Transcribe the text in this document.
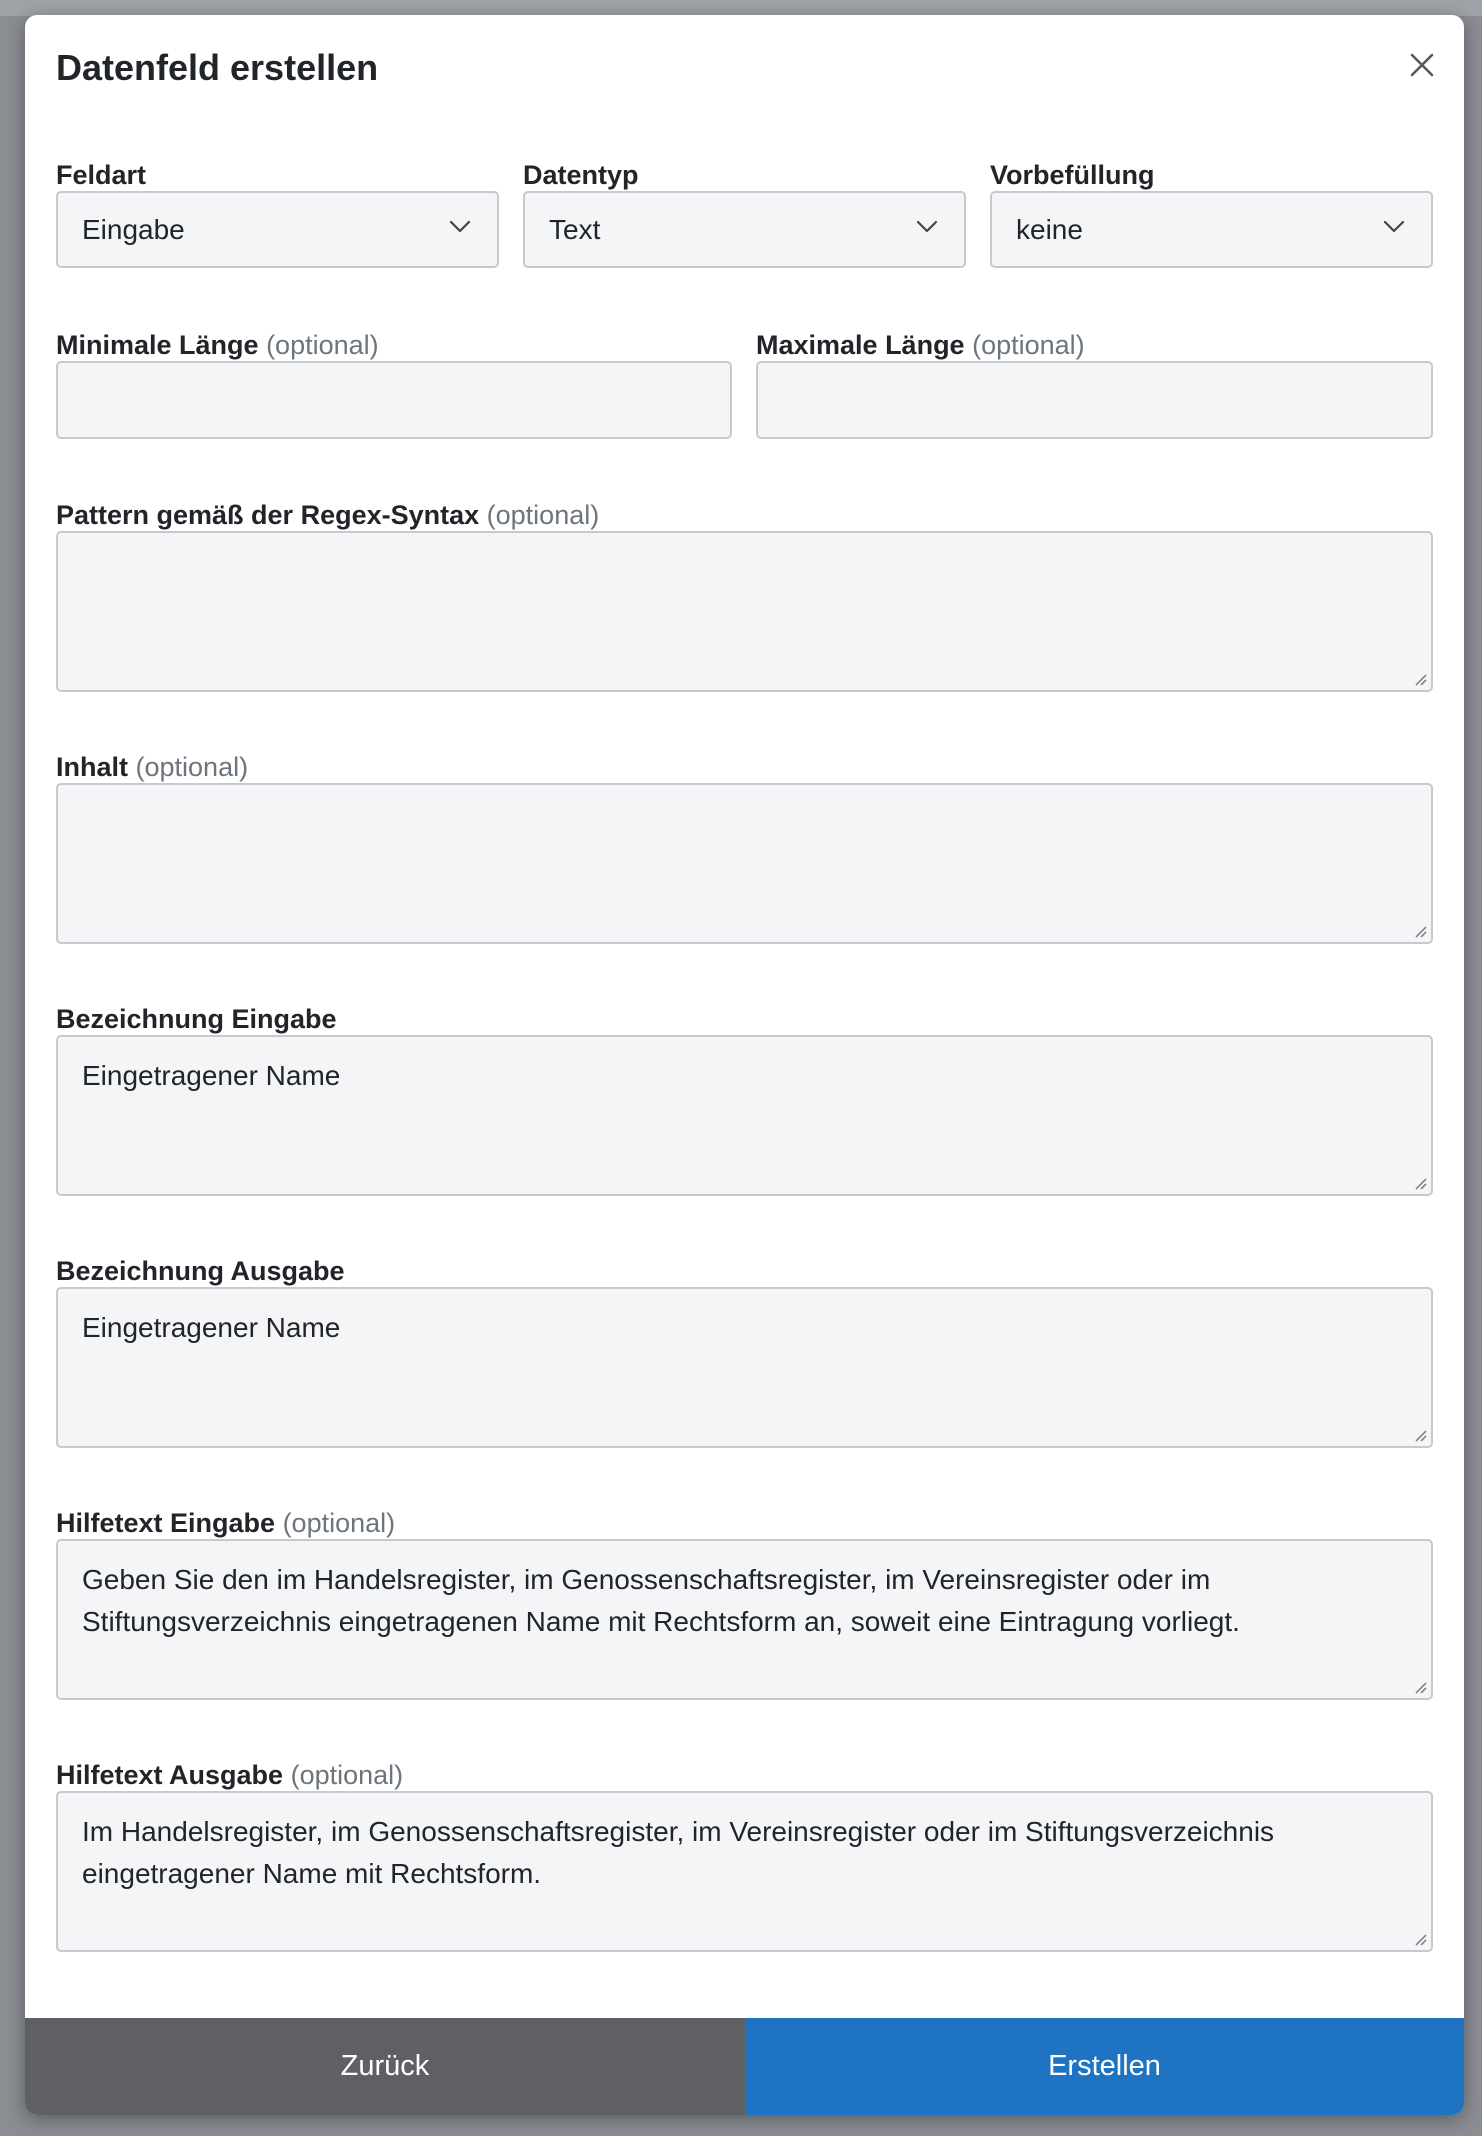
Datenfeld erstellen
Feldart
Eingabe
Datentyp
Text
Vorbefüllung
keine
Minimale Länge (optional)	Maximale Länge (optional)
Pattern gemäß der Regex-Syntax (optional)
Inhalt (optional)
Bezeichnung Eingabe
Eingetragener Name
Bezeichnung Ausgabe
Eingetragener Name
Hilfetext Eingabe (optional)
Geben Sie den im Handelsregister, im Genossenschaftsregister, im Vereinsregister oder im Stiftungsverzeichnis eingetragenen Name mit Rechtsform an, soweit eine Eintragung vorliegt.
Hilfetext Ausgabe (optional)
Im Handelsregister, im Genossenschaftsregister, im Vereinsregister oder im Stiftungsverzeichnis eingetragener Name mit Rechtsform.
Zurück	Erstellen
